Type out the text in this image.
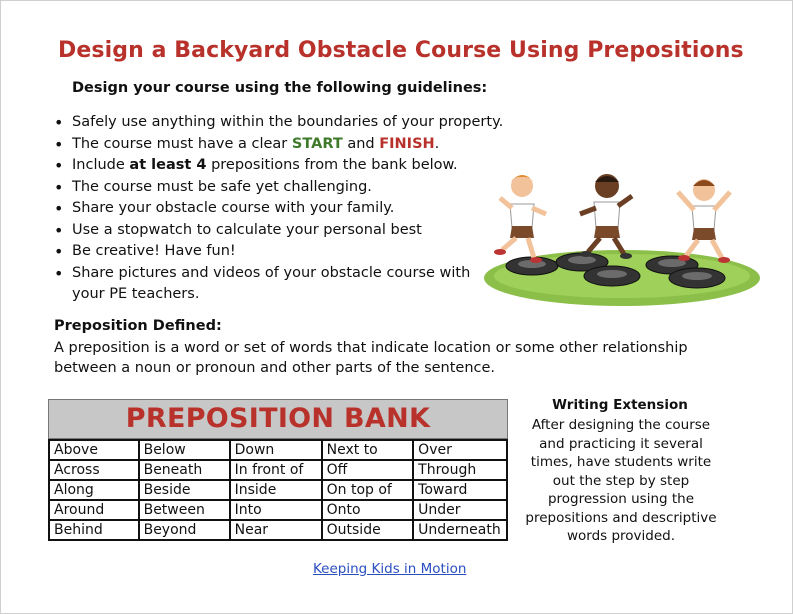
Design a Backyard Obstacle Course Using Prepositions
Design your course using the following guidelines:
• Safely use anything within the boundaries of your property.
• The course must have a clear START and FINISH.
• Include at least 4 prepositions from the bank below.
• The course must be safe yet challenging.
• Share your obstacle course with your family.
• Use a stopwatch to calculate your personal best
• Be creative! Have fun!
• Share pictures and videos of your obstacle course with your PE teachers.
Preposition Defined:
A preposition is a word or set of words that indicate location or some other relationship between a noun or pronoun and other parts of the sentence.
PREPOSITION BANK
Above	Below	Down	Next to	Over
Across	Beneath	In front of	Off	Through
Along	Beside	Inside	On top of	Toward
Around	Between	Into	Onto	Under
Behind	Beyond	Near	Outside	Underneath
Writing Extension
After designing the course and practicing it several times, have students write out the step by step progression using the prepositions and descriptive words provided.
Keeping Kids in Motion
